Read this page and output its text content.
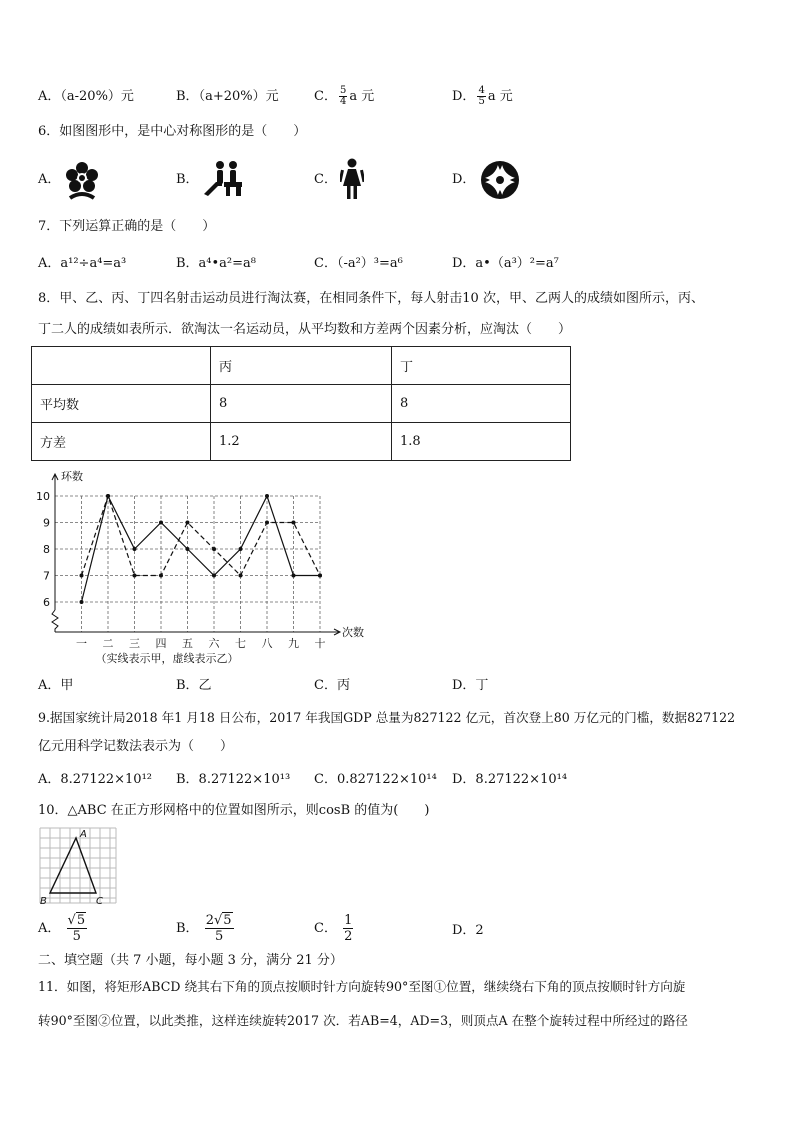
A．（a-20%）元	B．（a+20%）元	C． $\frac{5}{4}$ a 元	D． $\frac{4}{5}$ a 元
6．如图图形中，是中心对称图形的是（　　）
A．	B．	C．	D．
7．下列运算正确的是（　　）
A．a¹²÷a⁴=a³	B．a⁴•a²=a⁸	C．（-a²）³=a⁶	D．a•（a³）²=a⁷
8．甲、乙、丙、丁四名射击运动员进行淘汰赛，在相同条件下，每人射击10 次，甲、乙两人的成绩如图所示，丙、
丁二人的成绩如表所示．欲淘汰一名运动员，从平均数和方差两个因素分析，应淘汰（　　）
	丙	丁
平均数	8	8
方差	1.2	1.8
6
7
8
9
10
一 二 三 四 五 六 七 八 九 十
环数
次数
（实线表示甲，虚线表示乙）
A．甲	B．乙	C．丙	D．丁
9.据国家统计局2018 年1 月18 日公布，2017 年我国GDP 总量为827122 亿元，首次登上80 万亿元的门槛，数据827122
亿元用科学记数法表示为（　　）
A．8.27122×10¹² B．8.27122×10¹³ C．0.827122×10¹⁴ D．8.27122×10¹⁴
10．△ABC 在正方形网格中的位置如图所示，则cosB 的值为(　　)
A
B	C
A． $\frac{√5}{5}$	B． $\frac{2√5}{5}$	C． $\frac{1}{2}$	D．2
二、填空题（共 7 小题，每小题 3 分，满分 21 分）
11．如图，将矩形ABCD 绕其右下角的顶点按顺时针方向旋转90°至图①位置，继续绕右下角的顶点按顺时针方向旋
转90°至图②位置，以此类推，这样连续旋转2017 次．若AB=4，AD=3，则顶点A 在整个旋转过程中所经过的路径
